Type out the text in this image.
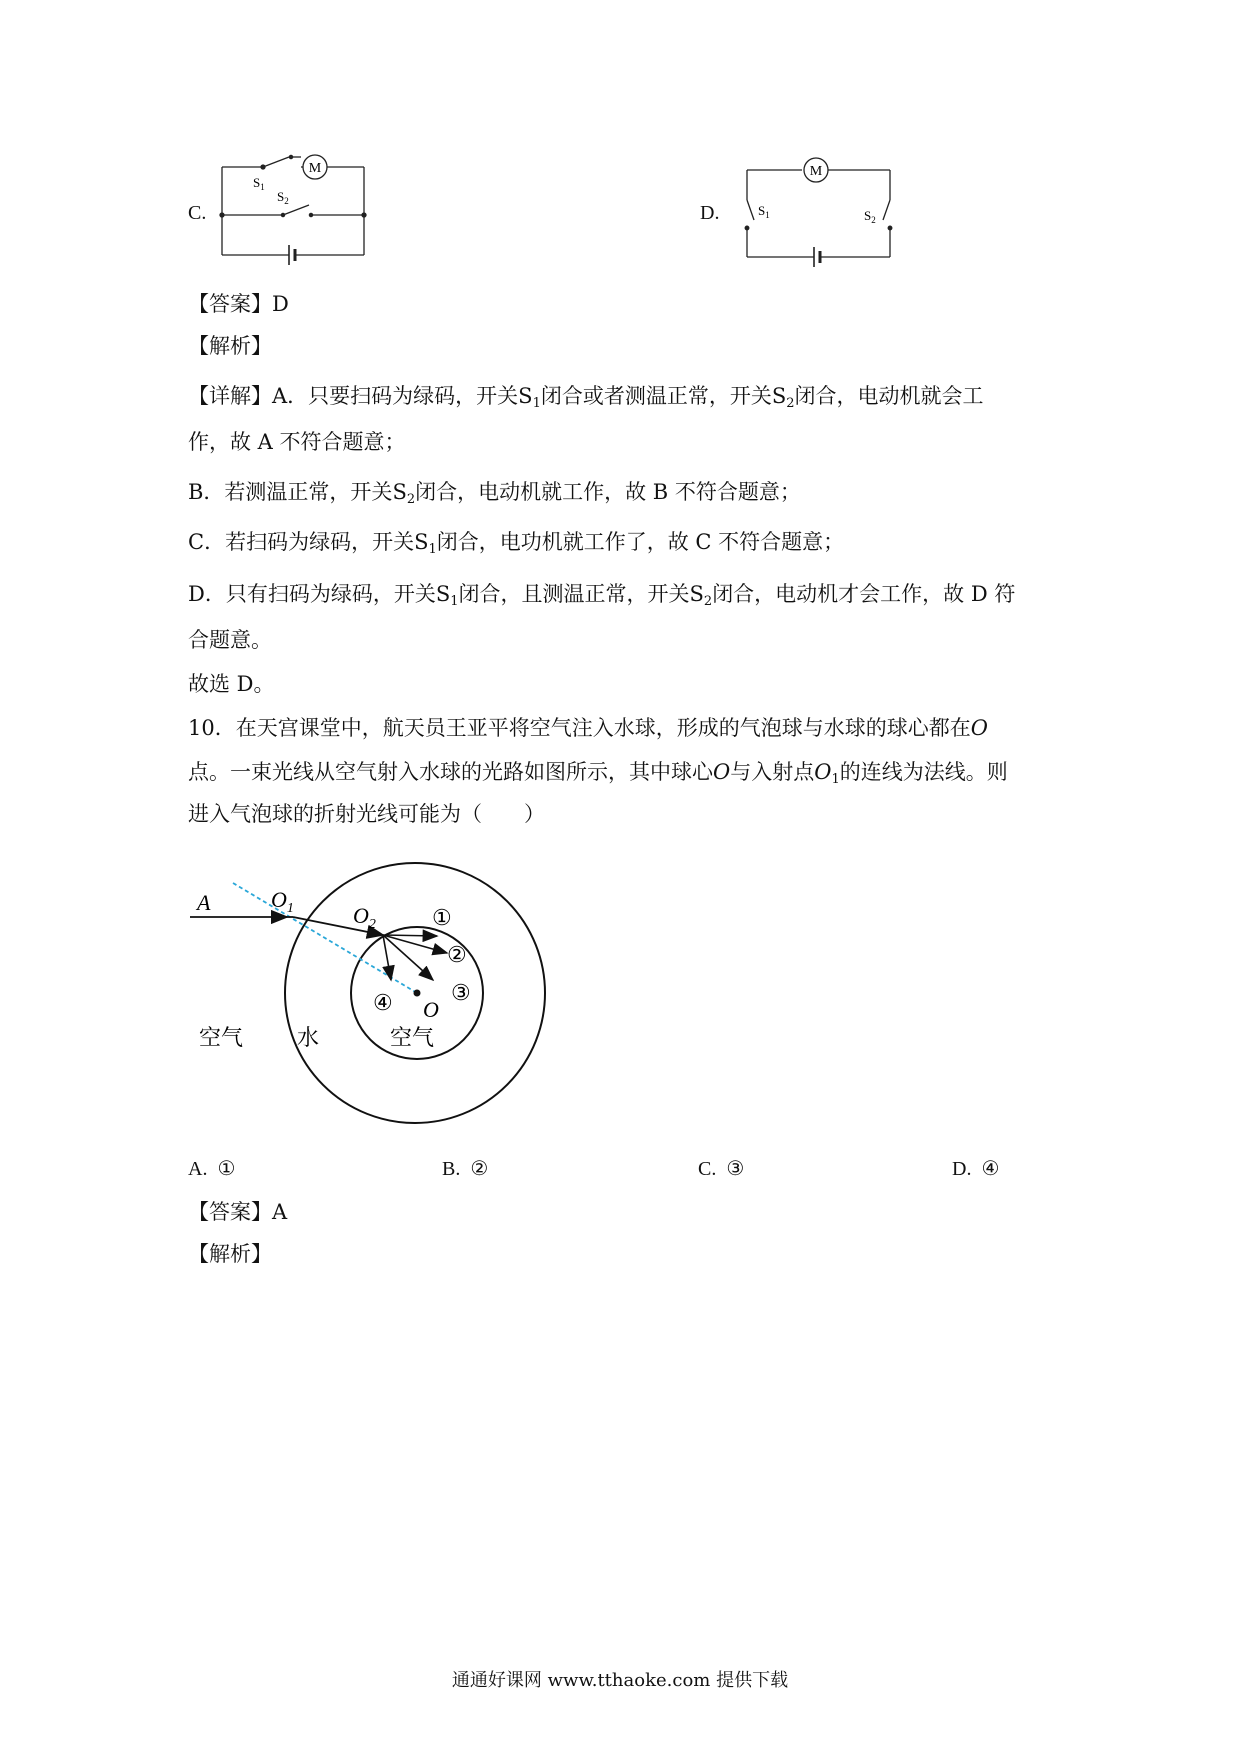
C.
M
$S_1$
$S_2$
D.
M
$S_1$	$S_2$
【答案】D
【解析】
【详解】A．只要扫码为绿码，开关$S_1$闭合或者测温正常，开关$S_2$闭合，电动机就会工
作，故 A 不符合题意；
B．若测温正常，开关$S_2$闭合，电动机就工作，故 B 不符合题意；
C．若扫码为绿码，开关$S_1$闭合，电功机就工作了，故 C 不符合题意；
D．只有扫码为绿码，开关$S_1$闭合，且测温正常，开关$S_2$闭合，电动机才会工作，故 D 符
合题意。
故选 D。
10．在天宫课堂中，航天员王亚平将空气注入水球，形成的气泡球与水球的球心都在O
点。一束光线从空气射入水球的光路如图所示，其中球心O与入射点$O_1$的连线为法线。则
进入气泡球的折射光线可能为（　　）
A	$O_1$	$O_2$
O
①
②
③
④
空气 水	空气
A. ①	B. ②	C. ③	D. ④
【答案】A
【解析】
通通好课网 www.tthaoke.com 提供下载
